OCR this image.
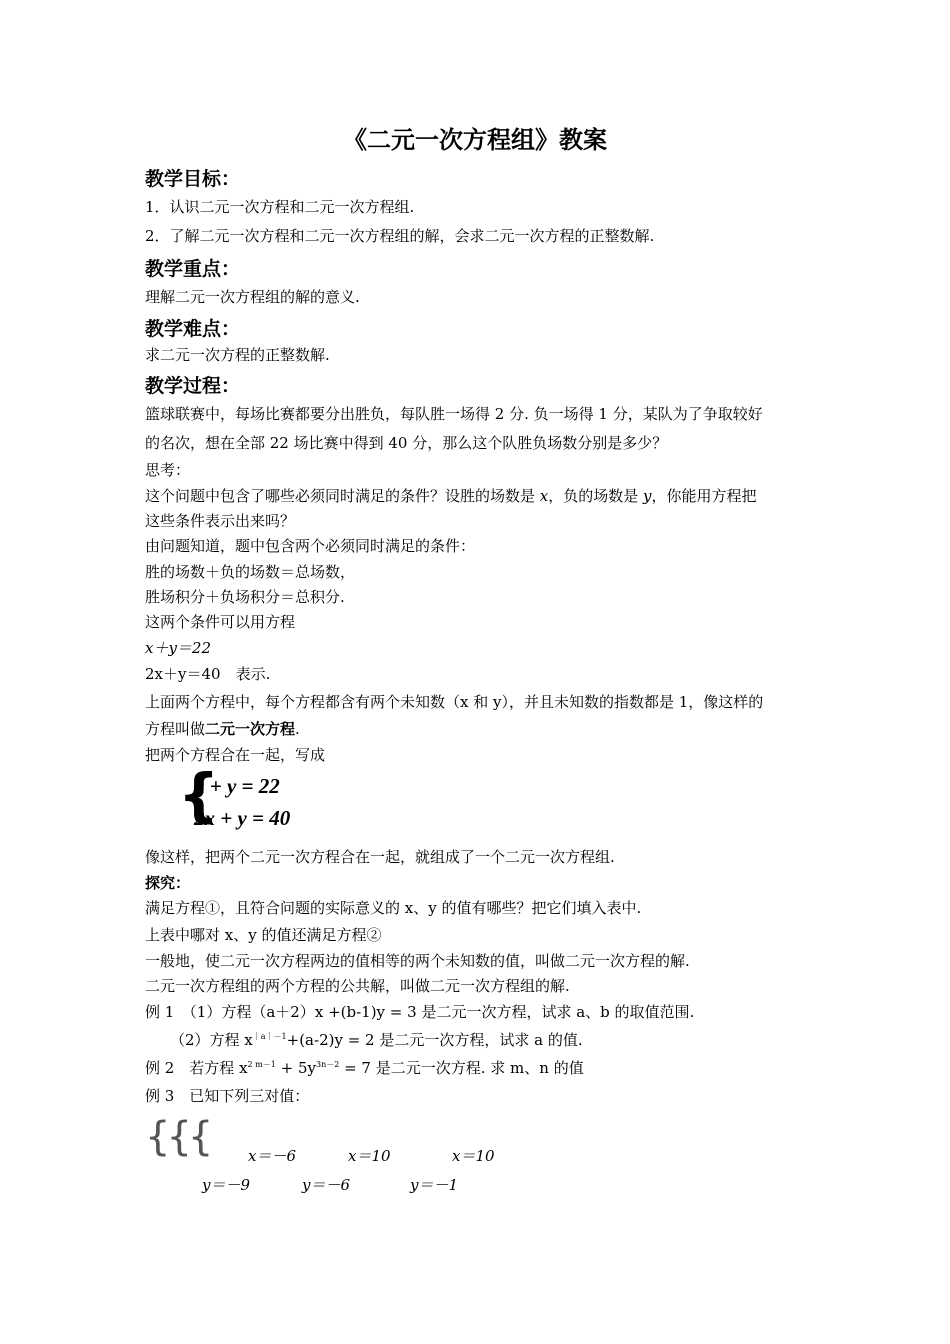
《二元一次方程组》教案
教学目标：
1．认识二元一次方程和二元一次方程组.
2．了解二元一次方程和二元一次方程组的解，会求二元一次方程的正整数解.
教学重点：
理解二元一次方程组的解的意义.
教学难点：
求二元一次方程的正整数解.
教学过程：
篮球联赛中，每场比赛都要分出胜负，每队胜一场得 2 分. 负一场得 1 分，某队为了争取较好
的名次，想在全部 22 场比赛中得到 40 分，那么这个队胜负场数分别是多少？
思考：
这个问题中包含了哪些必须同时满足的条件？设胜的场数是 x，负的场数是 y，你能用方程把
这些条件表示出来吗？
由问题知道，题中包含两个必须同时满足的条件：
胜的场数＋负的场数＝总场数，
胜场积分＋负场积分＝总积分.
这两个条件可以用方程
x＋y＝22
2x＋y＝40　表示.
上面两个方程中，每个方程都含有两个未知数（x 和 y），并且未知数的指数都是 1，像这样的
方程叫做二元一次方程.
把两个方程合在一起，写成
{
x + y = 22
2x + y = 40
像这样，把两个二元一次方程合在一起，就组成了一个二元一次方程组.
探究：
满足方程①，且符合问题的实际意义的 x、y 的值有哪些？把它们填入表中.
上表中哪对 x、y 的值还满足方程②
一般地，使二元一次方程两边的值相等的两个未知数的值，叫做二元一次方程的解.
二元一次方程组的两个方程的公共解，叫做二元一次方程组的解.
例 1　（1）方程（a＋2）x +(b-1)y = 3 是二元一次方程，试求 a、b 的取值范围.
（2）方程 $x^{|a|-1}+(a-2)y = 2$ 是二元一次方程，试求 a 的值.
例 2　若方程 $x^{2 m-1} + 5y^{3n-2} = 7$ 是二元一次方程. 求 m、n 的值
例 3　已知下列三对值：
{{{	x＝－6	x＝10	x＝10
y＝－9	y＝－6	y＝－1
